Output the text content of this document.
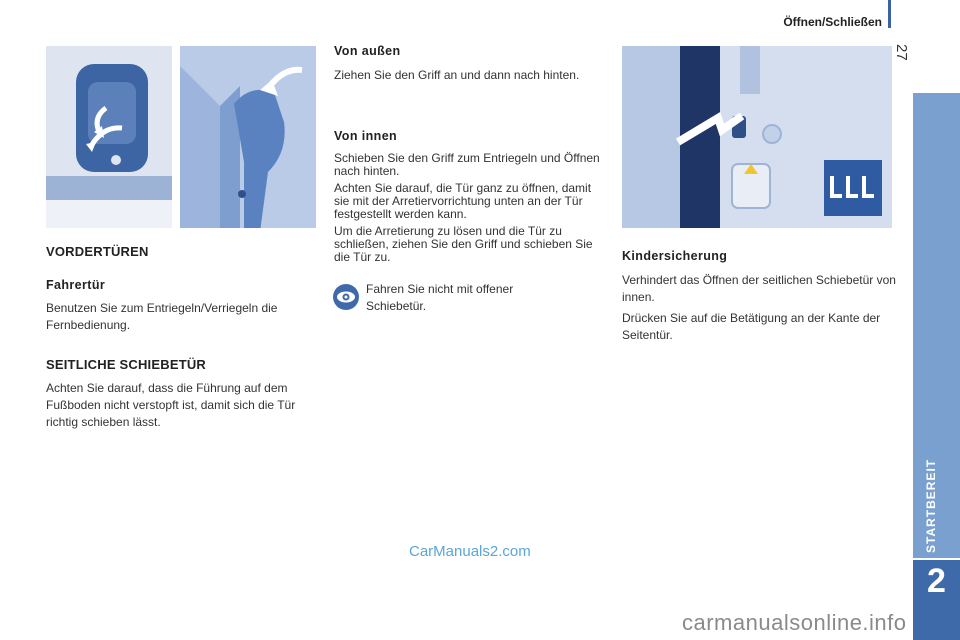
Öffnen/Schließen
27
STARTBEREIT
2
VORDERTÜREN
Fahrertür

Benutzen Sie zum Entriegeln/Verriegeln die Fernbedienung.

SEITLICHE SCHIEBETÜR

Achten Sie darauf, dass die Führung auf dem Fußboden nicht verstopft ist, damit sich die Tür richtig schieben lässt.

Von außen

Ziehen Sie den Griff an und dann nach hinten.

Von innen

Schieben Sie den Griff zum Entriegeln und Öffnen nach hinten.

Achten Sie darauf, die Tür ganz zu öffnen, damit sie mit der Arretiervorrichtung unten an der Tür festgestellt werden kann.

Um die Arretierung zu lösen und die Tür zu schließen, ziehen Sie den Griff und schieben Sie die Tür zu.

Fahren Sie nicht mit offener Schiebetür.

Kindersicherung

Verhindert das Öffnen der seitlichen Schiebetür von innen.

Drücken Sie auf die Betätigung an der Kante der Seitentür.

CarManuals2.com
carmanualsonline.info
